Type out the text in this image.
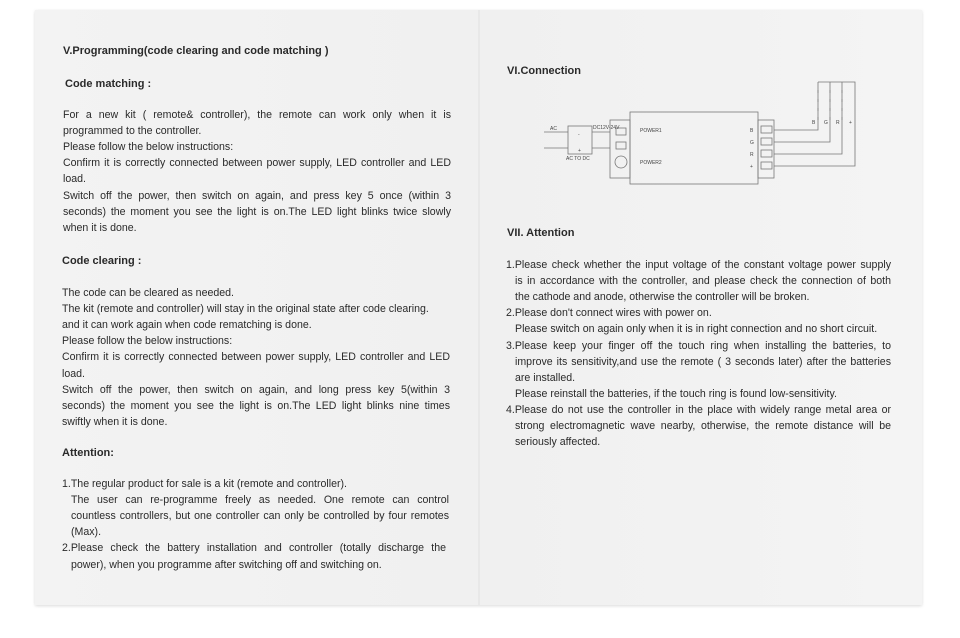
V.Programming(code clearing and code matching )
Code matching :
For a new kit ( remote& controller), the remote can work only when it is
programmed to the controller.
Please follow the below instructions:
Confirm it is correctly connected between power supply, LED controller and LED
load.
Switch off the power, then switch on again, and press key 5 once (within 3
seconds) the moment you see the light is on.The LED light blinks twice slowly
when it is done.
Code clearing :
The code can be cleared as needed.
The kit (remote and controller) will stay in the original state after code clearing.
and it can work again when code rematching is done.
Please follow the below instructions:
Confirm it is correctly connected between power supply, LED controller and LED
load.
Switch off the power, then switch on again, and long press key 5(within 3
seconds) the moment you see the light is on.The LED light blinks nine times
swiftly when it is done.
Attention:
1.The regular product for sale is a kit (remote and controller).
The user can re-programme freely as needed. One remote can control
countless controllers, but one controller can only be controlled by four remotes
(Max).
2.Please check the battery installation and controller (totally discharge the
power), when you programme after switching off and switching on.
VI.Connection
AC	DC12V-24V
-
+
AC TO DC
POWER1
POWER2
B
G
R
+
B G R +
VII. Attention
1.Please check whether the input voltage of the constant voltage power supply
is in accordance with the controller, and please check the connection of both
the cathode and anode, otherwise the controller will be broken.
2.Please don't connect wires with power on.
Please switch on again only when it is in right connection and no short circuit.
3.Please keep your finger off the touch ring when installing the batteries, to
improve its sensitivity,and use the remote ( 3 seconds later) after the batteries
are installed.
Please reinstall the batteries, if the touch ring is found low-sensitivity.
4.Please do not use the controller in the place with widely range metal area or
strong electromagnetic wave nearby, otherwise, the remote distance will be
seriously affected.
